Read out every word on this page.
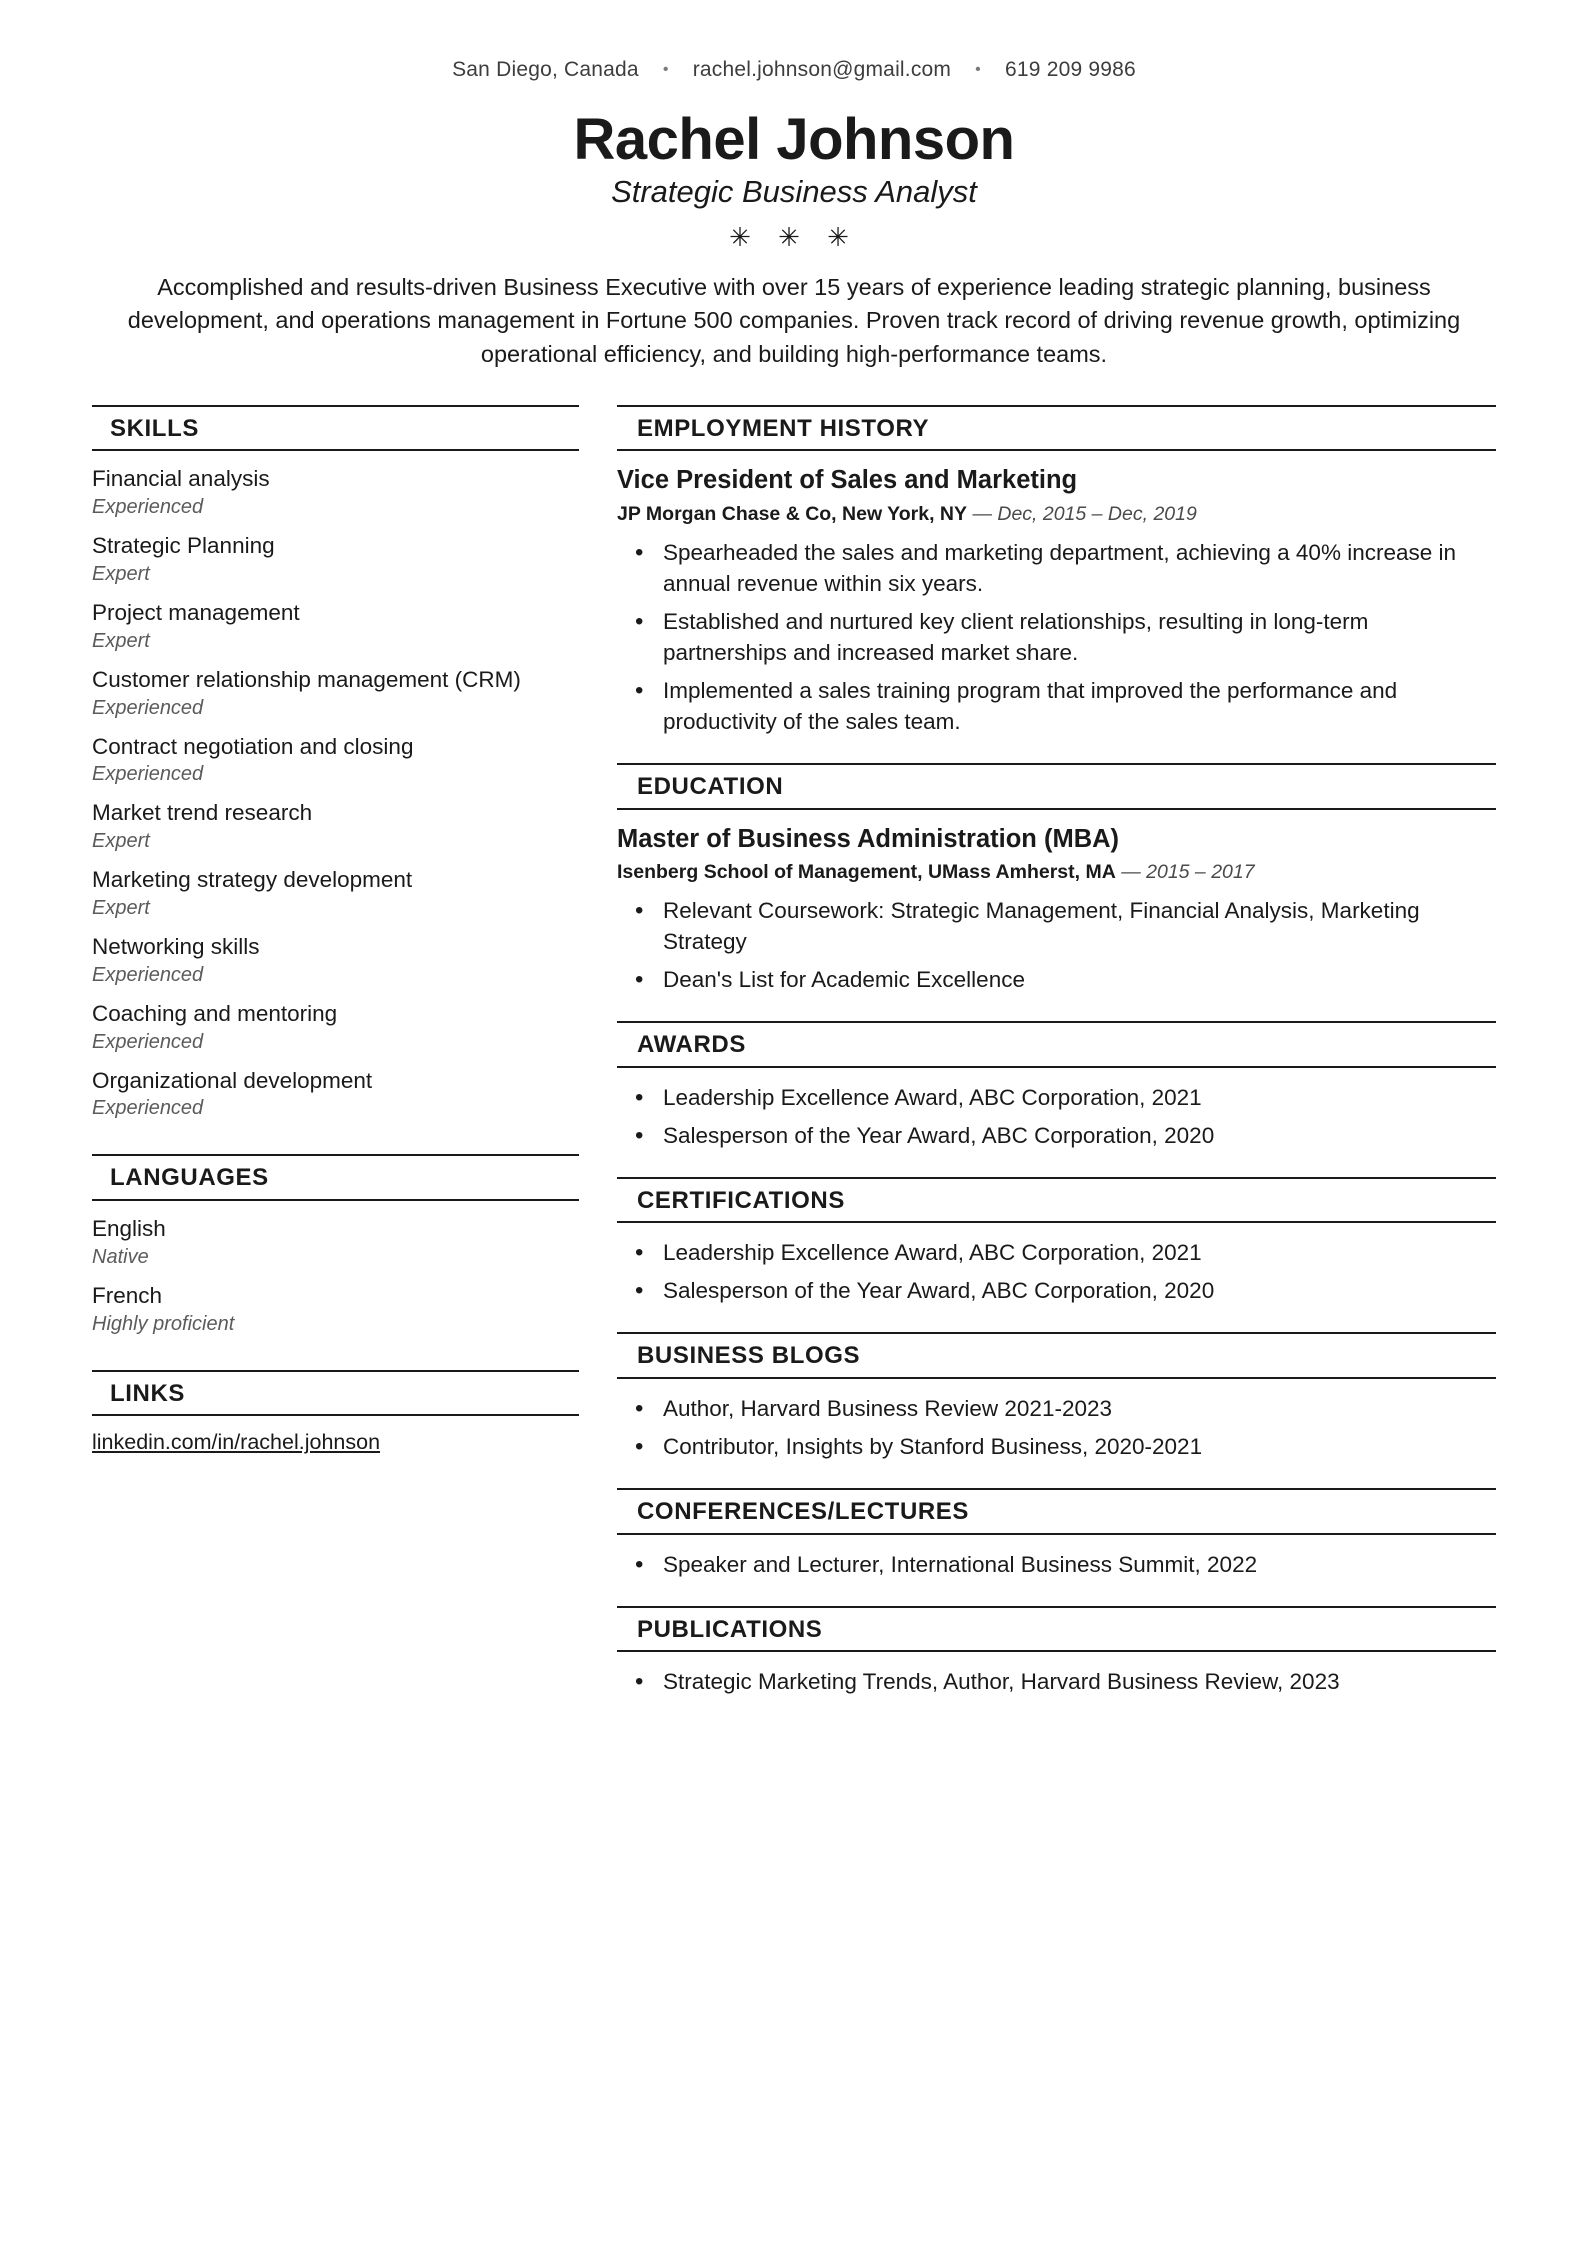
San Diego, Canada • rachel.johnson@gmail.com • 619 209 9986
Rachel Johnson
Strategic Business Analyst
✳ ✳ ✳
Accomplished and results-driven Business Executive with over 15 years of experience leading strategic planning, business development, and operations management in Fortune 500 companies. Proven track record of driving revenue growth, optimizing operational efficiency, and building high-performance teams.
SKILLS
Financial analysis
Experienced
Strategic Planning
Expert
Project management
Expert
Customer relationship management (CRM)
Experienced
Contract negotiation and closing
Experienced
Market trend research
Expert
Marketing strategy development
Expert
Networking skills
Experienced
Coaching and mentoring
Experienced
Organizational development
Experienced
LANGUAGES
English
Native
French
Highly proficient
LINKS
linkedin.com/in/rachel.johnson
EMPLOYMENT HISTORY
Vice President of Sales and Marketing
JP Morgan Chase & Co, New York, NY — Dec, 2015 – Dec, 2019
• Spearheaded the sales and marketing department, achieving a 40% increase in annual revenue within six years.
• Established and nurtured key client relationships, resulting in long-term partnerships and increased market share.
• Implemented a sales training program that improved the performance and productivity of the sales team.
EDUCATION
Master of Business Administration (MBA)
Isenberg School of Management, UMass Amherst, MA — 2015 – 2017
• Relevant Coursework: Strategic Management, Financial Analysis, Marketing Strategy
• Dean's List for Academic Excellence
AWARDS
• Leadership Excellence Award, ABC Corporation, 2021
• Salesperson of the Year Award, ABC Corporation, 2020
CERTIFICATIONS
• Leadership Excellence Award, ABC Corporation, 2021
• Salesperson of the Year Award, ABC Corporation, 2020
BUSINESS BLOGS
• Author, Harvard Business Review 2021-2023
• Contributor, Insights by Stanford Business, 2020-2021
CONFERENCES/LECTURES
• Speaker and Lecturer, International Business Summit, 2022
PUBLICATIONS
• Strategic Marketing Trends, Author, Harvard Business Review, 2023
